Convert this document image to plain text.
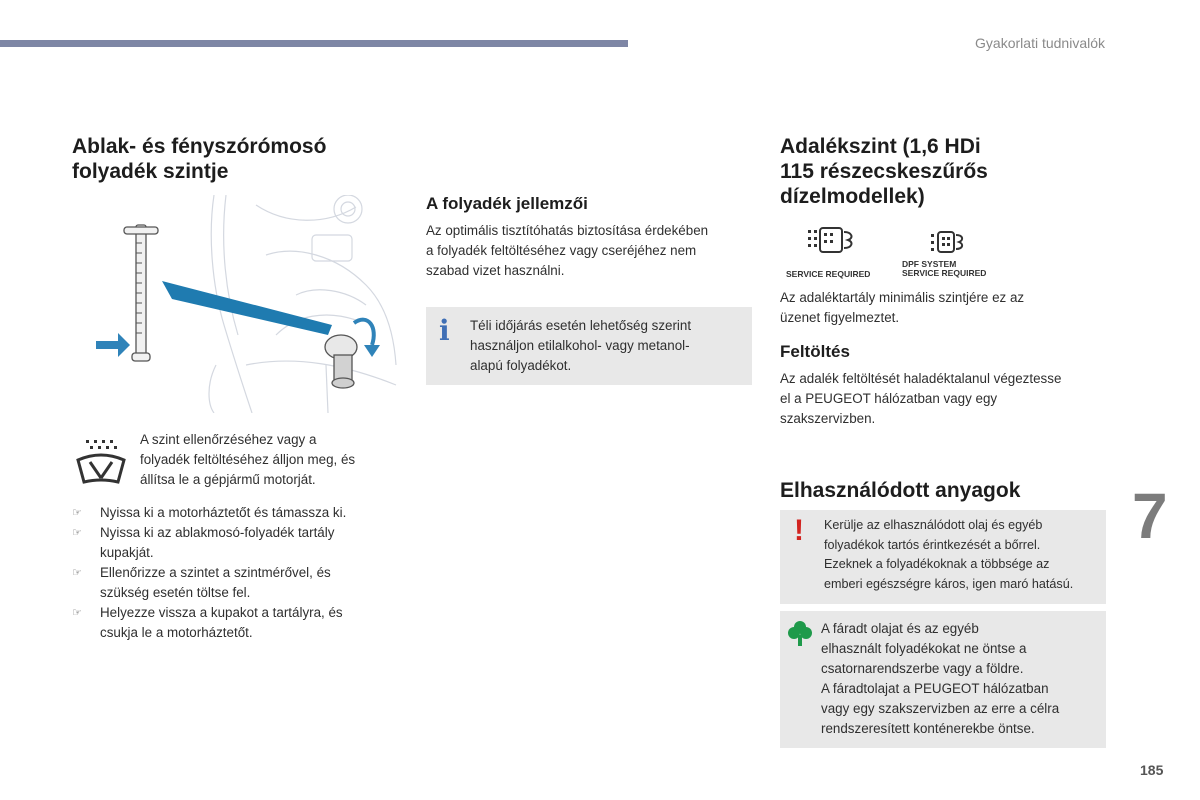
Gyakorlati tudnivalók
Ablak- és fényszórómosó
folyadék szintje

A szint ellenőrzéséhez vagy a

folyadék feltöltéséhez álljon meg, és

állítsa le a gépjármű motorját.

☞ Nyissa ki a motorháztetőt és támassza ki.
☞ Nyissa ki az ablakmosó-folyadék tartály
kupakját.
☞ Ellenőrizze a szintet a szintmérővel, és
szükség esetén töltse fel.
☞ Helyezze vissza a kupakot a tartályra, és
csukja le a motorháztetőt.
A folyadék jellemzői

Az optimális tisztítóhatás biztosítása érdekében

a folyadék feltöltéséhez vagy cseréjéhez nem

szabad vizet használni.

i Téli időjárás esetén lehetőség szerint

használjon etilalkohol- vagy metanol-

alapú folyadékot.

Adalékszint (1,6 HDi
115 részecskeszűrős
dízelmodellek)
SERVICE REQUIRED
DPF SYSTEM
SERVICE REQUIRED

Az adaléktartály minimális szintjére ez az

üzenet figyelmeztet.

Feltöltés

Az adalék feltöltését haladéktalanul végeztesse

el a PEUGEOT hálózatban vagy egy

szakszervizben.

Elhasználódott anyagok
! Kerülje az elhasználódott olaj és egyéb

folyadékok tartós érintkezését a bőrrel.

Ezeknek a folyadékoknak a többsége az

emberi egészségre káros, igen maró hatású.

A fáradt olajat és az egyéb

elhasznált folyadékokat ne öntse a

csatornarendszerbe vagy a földre.

A fáradtolajat a PEUGEOT hálózatban

vagy egy szakszervizben az erre a célra

rendszeresített konténerekbe öntse.

7
185
